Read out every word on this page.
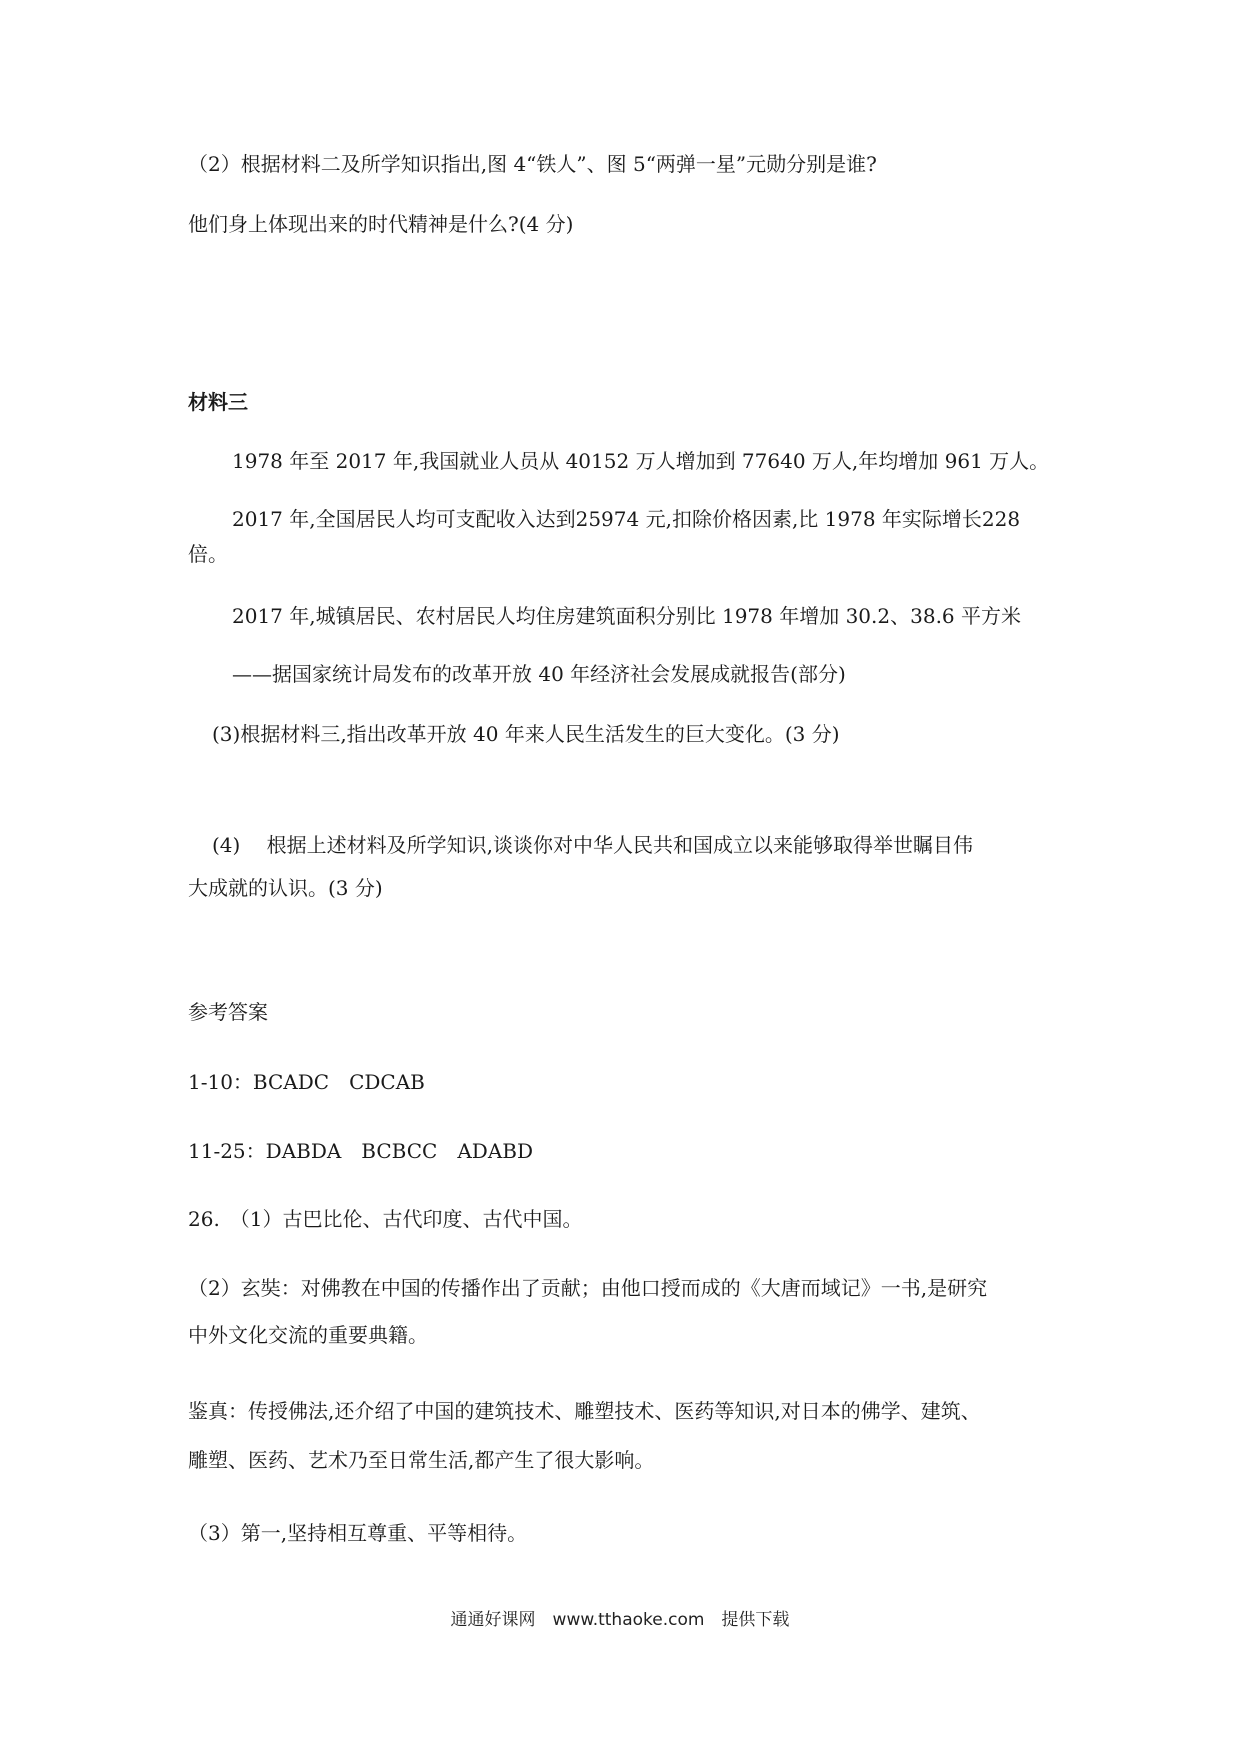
（2）根据材料二及所学知识指出,图 4“铁人”、图 5“两弹一星”元勋分别是谁?
他们身上体现出来的时代精神是什么?(4 分)
材料三
1978 年至 2017 年,我国就业人员从 40152 万人增加到 77640 万人,年均增加 961 万人。
2017 年,全国居民人均可支配收入达到25974 元,扣除价格因素,比 1978 年实际增长228
倍。
2017 年,城镇居民、农村居民人均住房建筑面积分别比 1978 年增加 30.2、38.6 平方米
——据国家统计局发布的改革开放 40 年经济社会发展成就报告(部分)
(3)根据材料三,指出改革开放 40 年来人民生活发生的巨大变化。(3 分)
(4)　 根据上述材料及所学知识,谈谈你对中华人民共和国成立以来能够取得举世瞩目伟
大成就的认识。(3 分)
参考答案
1-10：BCADC　CDCAB
11-25：DABDA　BCBCC　ADABD
26.　（1）古巴比伦、古代印度、古代中国。
（2）玄奘：对佛教在中国的传播作出了贡献；由他口授而成的《大唐而域记》一书,是研究
中外文化交流的重要典籍。
鉴真：传授佛法,还介绍了中国的建筑技术、雕塑技术、医药等知识,对日本的佛学、建筑、
雕塑、医药、艺术乃至日常生活,都产生了很大影响。
（3）第一,坚持相互尊重、平等相待。
通通好课网　www.tthaoke.com　提供下载
